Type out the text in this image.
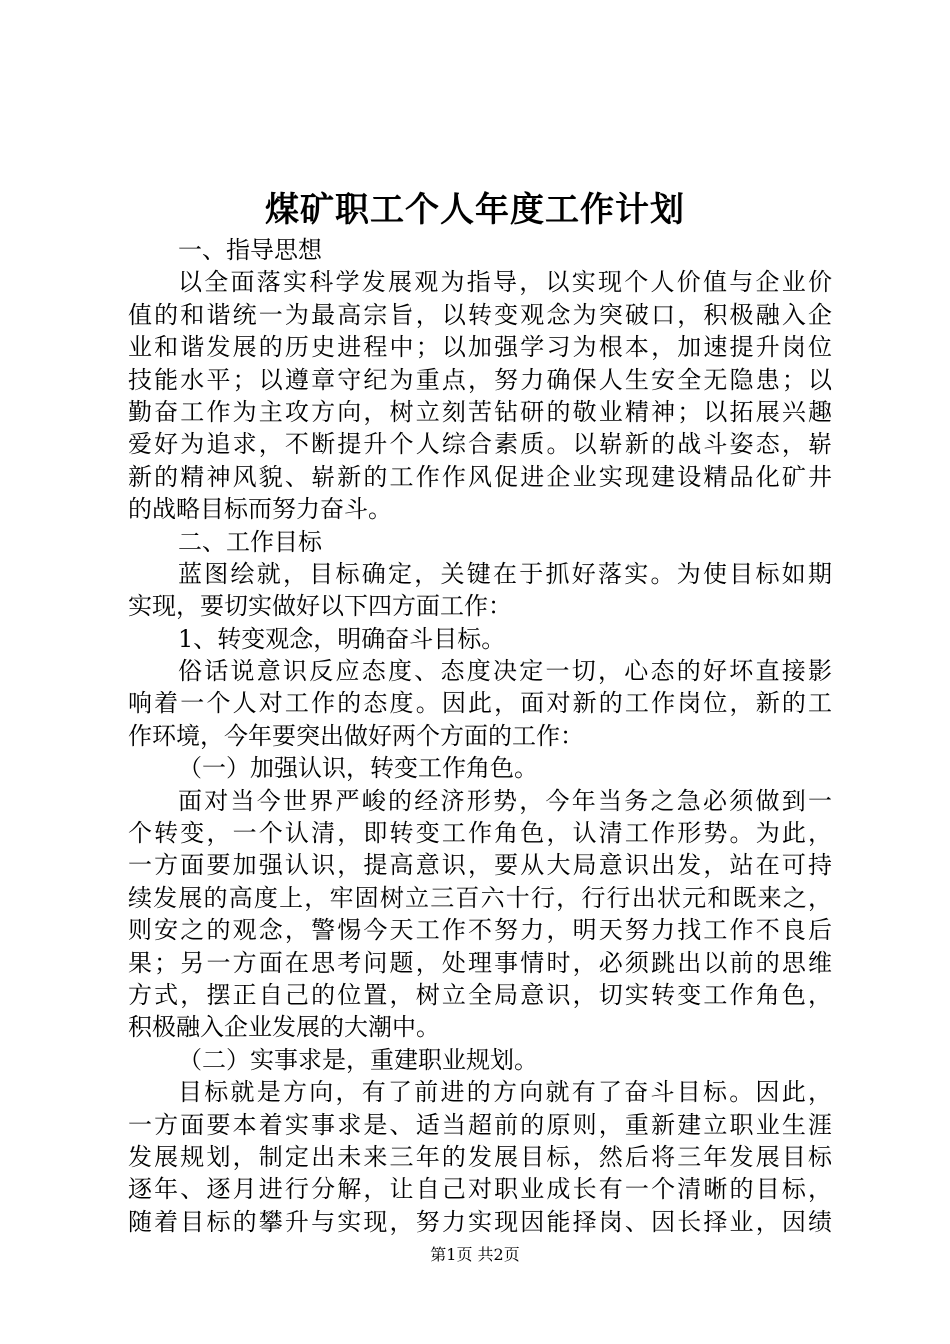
煤矿职工个人年度工作计划
一、指导思想
以全面落实科学发展观为指导，以实现个人价值与企业价
值的和谐统一为最高宗旨，以转变观念为突破口，积极融入企
业和谐发展的历史进程中；以加强学习为根本，加速提升岗位
技能水平；以遵章守纪为重点，努力确保人生安全无隐患；以
勤奋工作为主攻方向，树立刻苦钻研的敬业精神；以拓展兴趣
爱好为追求，不断提升个人综合素质。以崭新的战斗姿态，崭
新的精神风貌、崭新的工作作风促进企业实现建设精品化矿井
的战略目标而努力奋斗。
二、工作目标
蓝图绘就，目标确定，关键在于抓好落实。为使目标如期
实现，要切实做好以下四方面工作：
1、转变观念，明确奋斗目标。
俗话说意识反应态度、态度决定一切，心态的好坏直接影
响着一个人对工作的态度。因此，面对新的工作岗位，新的工
作环境，今年要突出做好两个方面的工作：
（一）加强认识，转变工作角色。
面对当今世界严峻的经济形势，今年当务之急必须做到一
个转变，一个认清，即转变工作角色，认清工作形势。为此，
一方面要加强认识，提高意识，要从大局意识出发，站在可持
续发展的高度上，牢固树立三百六十行，行行出状元和既来之，
则安之的观念，警惕今天工作不努力，明天努力找工作不良后
果；另一方面在思考问题，处理事情时，必须跳出以前的思维
方式，摆正自己的位置，树立全局意识，切实转变工作角色，
积极融入企业发展的大潮中。
（二）实事求是，重建职业规划。
目标就是方向，有了前进的方向就有了奋斗目标。因此，
一方面要本着实事求是、适当超前的原则，重新建立职业生涯
发展规划，制定出未来三年的发展目标，然后将三年发展目标
逐年、逐月进行分解，让自己对职业成长有一个清晰的目标，
随着目标的攀升与实现，努力实现因能择岗、因长择业，因绩
第1页 共2页
